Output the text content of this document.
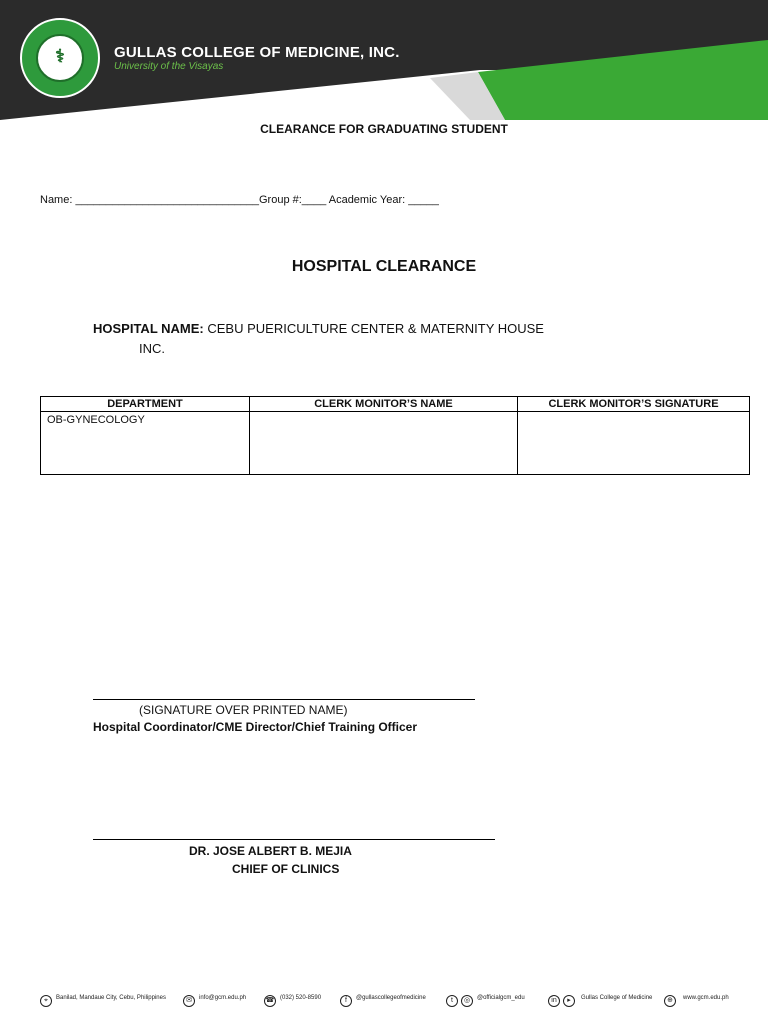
⚕	GULLAS COLLEGE OF MEDICINE, INC.
University of the Visayas
CLEARANCE FOR GRADUATING STUDENT
Name: ______________________________Group #:____ Academic Year: _____
HOSPITAL CLEARANCE
HOSPITAL NAME: CEBU PUERICULTURE CENTER & MATERNITY HOUSE
INC.
DEPARTMENT	CLERK MONITOR’S NAME	CLERK MONITOR’S SIGNATURE
OB-GYNECOLOGY		
(SIGNATURE OVER PRINTED NAME)
Hospital Coordinator/CME Director/Chief Training Officer
DR. JOSE ALBERT B. MEJIA
CHIEF OF CLINICS
⌖	Banilad, Mandaue City, Cebu, Philippines	✉	info@gcm.edu.ph	☎ (032) 520-8590	f	@gullascollegeofmedicine	t	◎	@officialgcm_edu	in	▸	Gullas College of Medicine	⊕	www.gcm.edu.ph
